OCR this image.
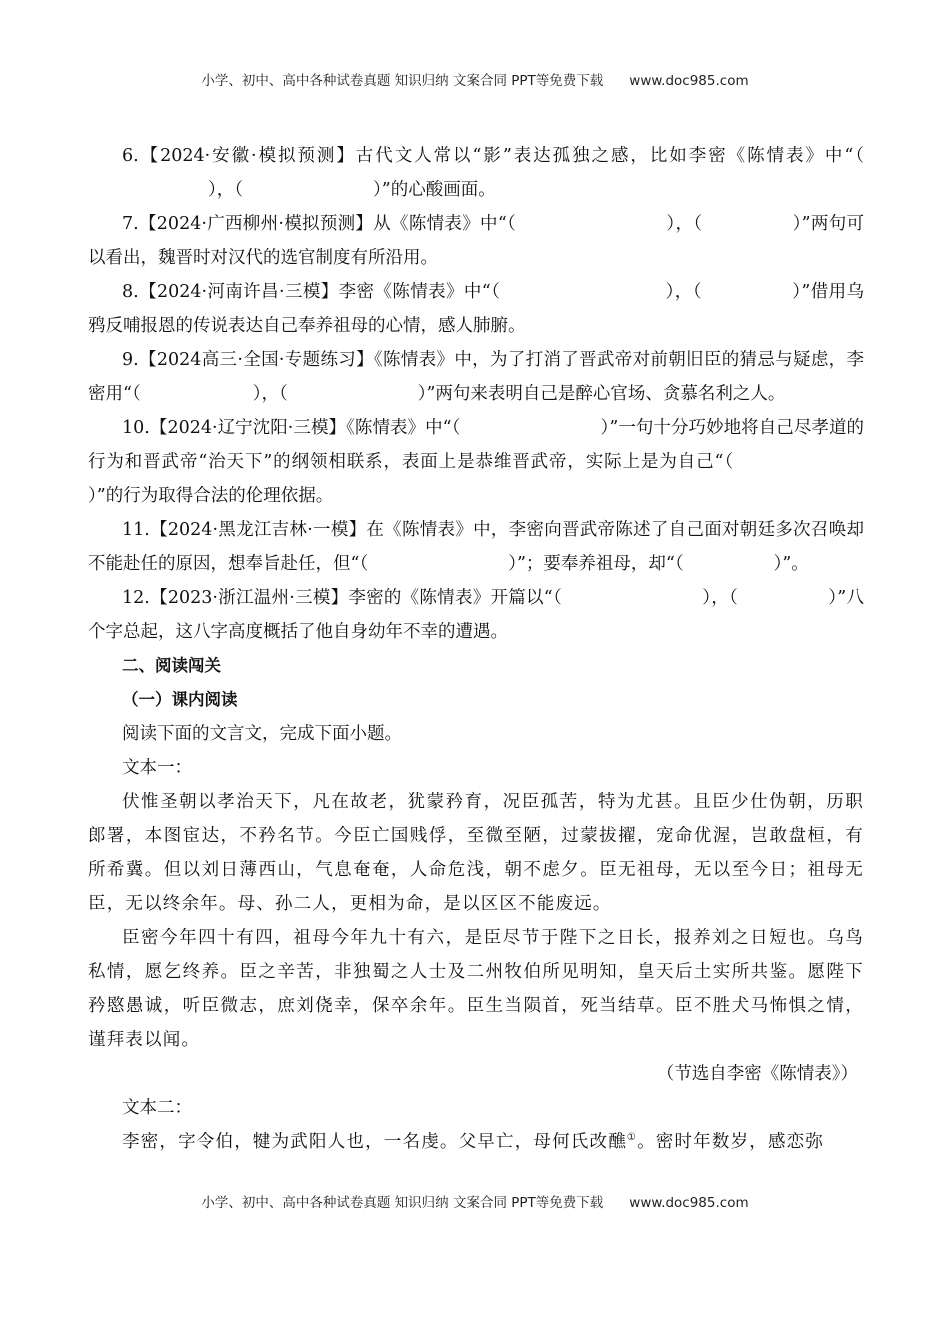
小学、初中、高中各种试卷真题 知识归纳 文案合同 PPT等免费下载 www.doc985.com

6.【2024·安徽·模拟预测】古代文人常以“影”表达孤独之感，比如李密《陈情表》中“（），（	）”的心酸画面。

7.【2024·广西柳州·模拟预测】从《陈情表》中“（	），（	）”两句可以看出，魏晋时对汉代的选官制度有所沿用。

8.【2024·河南许昌·三模】李密《陈情表》中“（	），（	）”借用乌鸦反哺报恩的传说表达自己奉养祖母的心情，感人肺腑。

9.【2024高三·全国·专题练习】《陈情表》中，为了打消了晋武帝对前朝旧臣的猜忌与疑虑，李密用“（	），（	）”两句来表明自己是醉心官场、贪慕名利之人。

10.【2024·辽宁沈阳·三模】《陈情表》中“（	）”一句十分巧妙地将自己尽孝道的行为和晋武帝“治天下”的纲领相联系，表面上是恭维晋武帝，实际上是为自己“（）”的行为取得合法的伦理依据。

11.【2024·黑龙江吉林·一模】在《陈情表》中，李密向晋武帝陈述了自己面对朝廷多次召唤却不能赴任的原因，想奉旨赴任，但“（	）”；要奉养祖母，却“（	）”。

12.【2023·浙江温州·三模】李密的《陈情表》开篇以“（	），（	）”八个字总起，这八字高度概括了他自身幼年不幸的遭遇。

二、阅读闯关

（一）课内阅读

阅读下面的文言文，完成下面小题。

文本一：

伏惟圣朝以孝治天下，凡在故老，犹蒙矜育，况臣孤苦，特为尤甚。且臣少仕伪朝，历职郎署，本图宦达，不矜名节。今臣亡国贱俘，至微至陋，过蒙拔擢，宠命优渥，岂敢盘桓，有所希冀。但以刘日薄西山，气息奄奄，人命危浅，朝不虑夕。臣无祖母，无以至今日；祖母无臣，无以终余年。母、孙二人，更相为命，是以区区不能废远。

臣密今年四十有四，祖母今年九十有六，是臣尽节于陛下之日长，报养刘之日短也。乌鸟私情，愿乞终养。臣之辛苦，非独蜀之人士及二州牧伯所见明知，皇天后土实所共鉴。愿陛下矜愍愚诚，听臣微志，庶刘侥幸，保卒余年。臣生当陨首，死当结草。臣不胜犬马怖惧之情，谨拜表以闻。

（节选自李密《陈情表》）

文本二：

李密，字令伯，犍为武阳人也，一名虔。父早亡，母何氏改醮①。密时年数岁，感恋弥

小学、初中、高中各种试卷真题 知识归纳 文案合同 PPT等免费下载 www.doc985.com
